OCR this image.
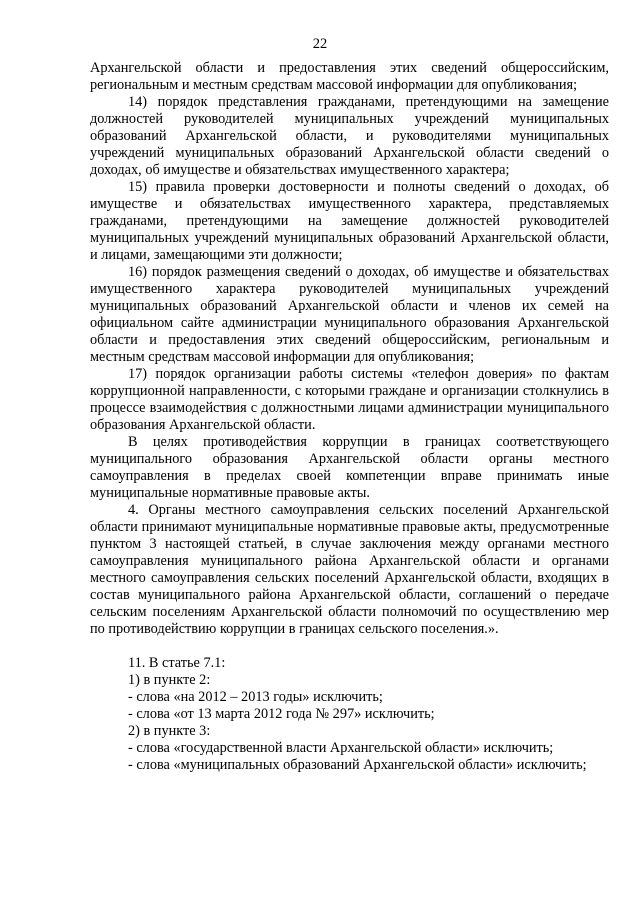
22

Архангельской области и предоставления этих сведений общероссийским, региональным и местным средствам массовой информации для опубликования;

14) порядок представления гражданами, претендующими на замещение должностей руководителей муниципальных учреждений муниципальных образований Архангельской области, и руководителями муниципальных учреждений муниципальных образований Архангельской области сведений о доходах, об имуществе и обязательствах имущественного характера;

15) правила проверки достоверности и полноты сведений о доходах, об имуществе и обязательствах имущественного характера, представляемых гражданами, претендующими на замещение должностей руководителей муниципальных учреждений муниципальных образований Архангельской области, и лицами, замещающими эти должности;

16) порядок размещения сведений о доходах, об имуществе и обязательствах имущественного характера руководителей муниципальных учреждений муниципальных образований Архангельской области и членов их семей на официальном сайте администрации муниципального образования Архангельской области и предоставления этих сведений общероссийским, региональным и местным средствам массовой информации для опубликования;

17) порядок организации работы системы «телефон доверия» по фактам коррупционной направленности, с которыми граждане и организации столкнулись в процессе взаимодействия с должностными лицами администрации муниципального образования Архангельской области.

В целях противодействия коррупции в границах соответствующего муниципального образования Архангельской области органы местного самоуправления в пределах своей компетенции вправе принимать иные муниципальные нормативные правовые акты.

4. Органы местного самоуправления сельских поселений Архангельской области принимают муниципальные нормативные правовые акты, предусмотренные пунктом 3 настоящей статьей, в случае заключения между органами местного самоуправления муниципального района Архангельской области и органами местного самоуправления сельских поселений Архангельской области, входящих в состав муниципального района Архангельской области, соглашений о передаче сельским поселениям Архангельской области полномочий по осуществлению мер по противодействию коррупции в границах сельского поселения.».

11. В статье 7.1:

1) в пункте 2:

- слова «на 2012 – 2013 годы» исключить;

- слова «от 13 марта 2012 года № 297» исключить;

2) в пункте 3:

- слова «государственной власти Архангельской области» исключить;

- слова «муниципальных образований Архангельской области» исключить;
